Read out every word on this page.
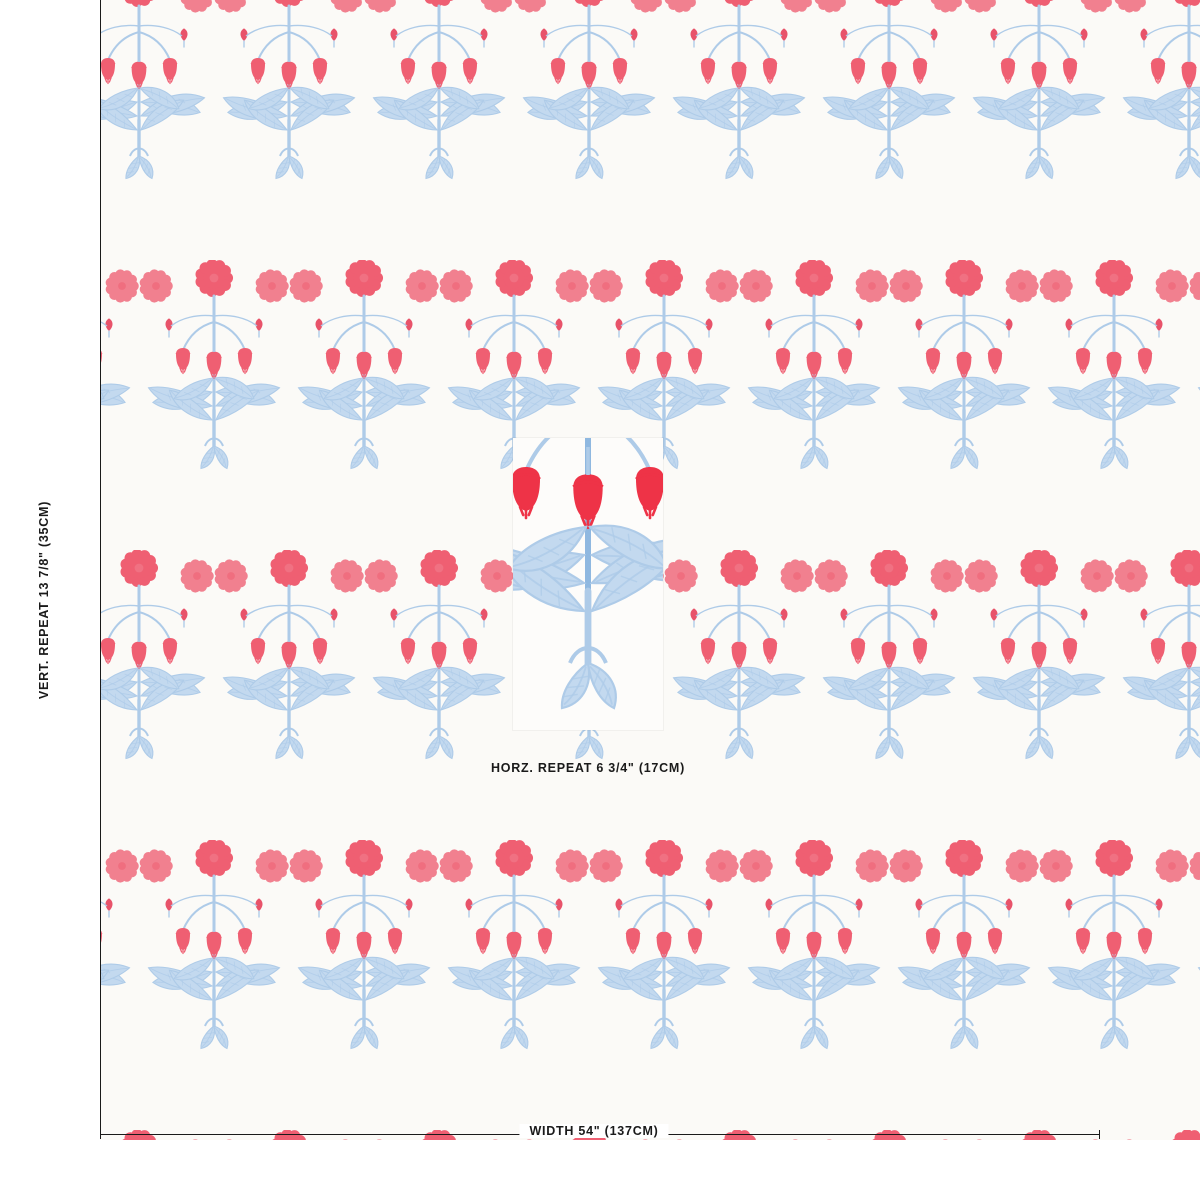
VERT. REPEAT 13 7/8" (35CM)
HORZ. REPEAT 6 3/4" (17CM)
WIDTH 54" (137CM)
